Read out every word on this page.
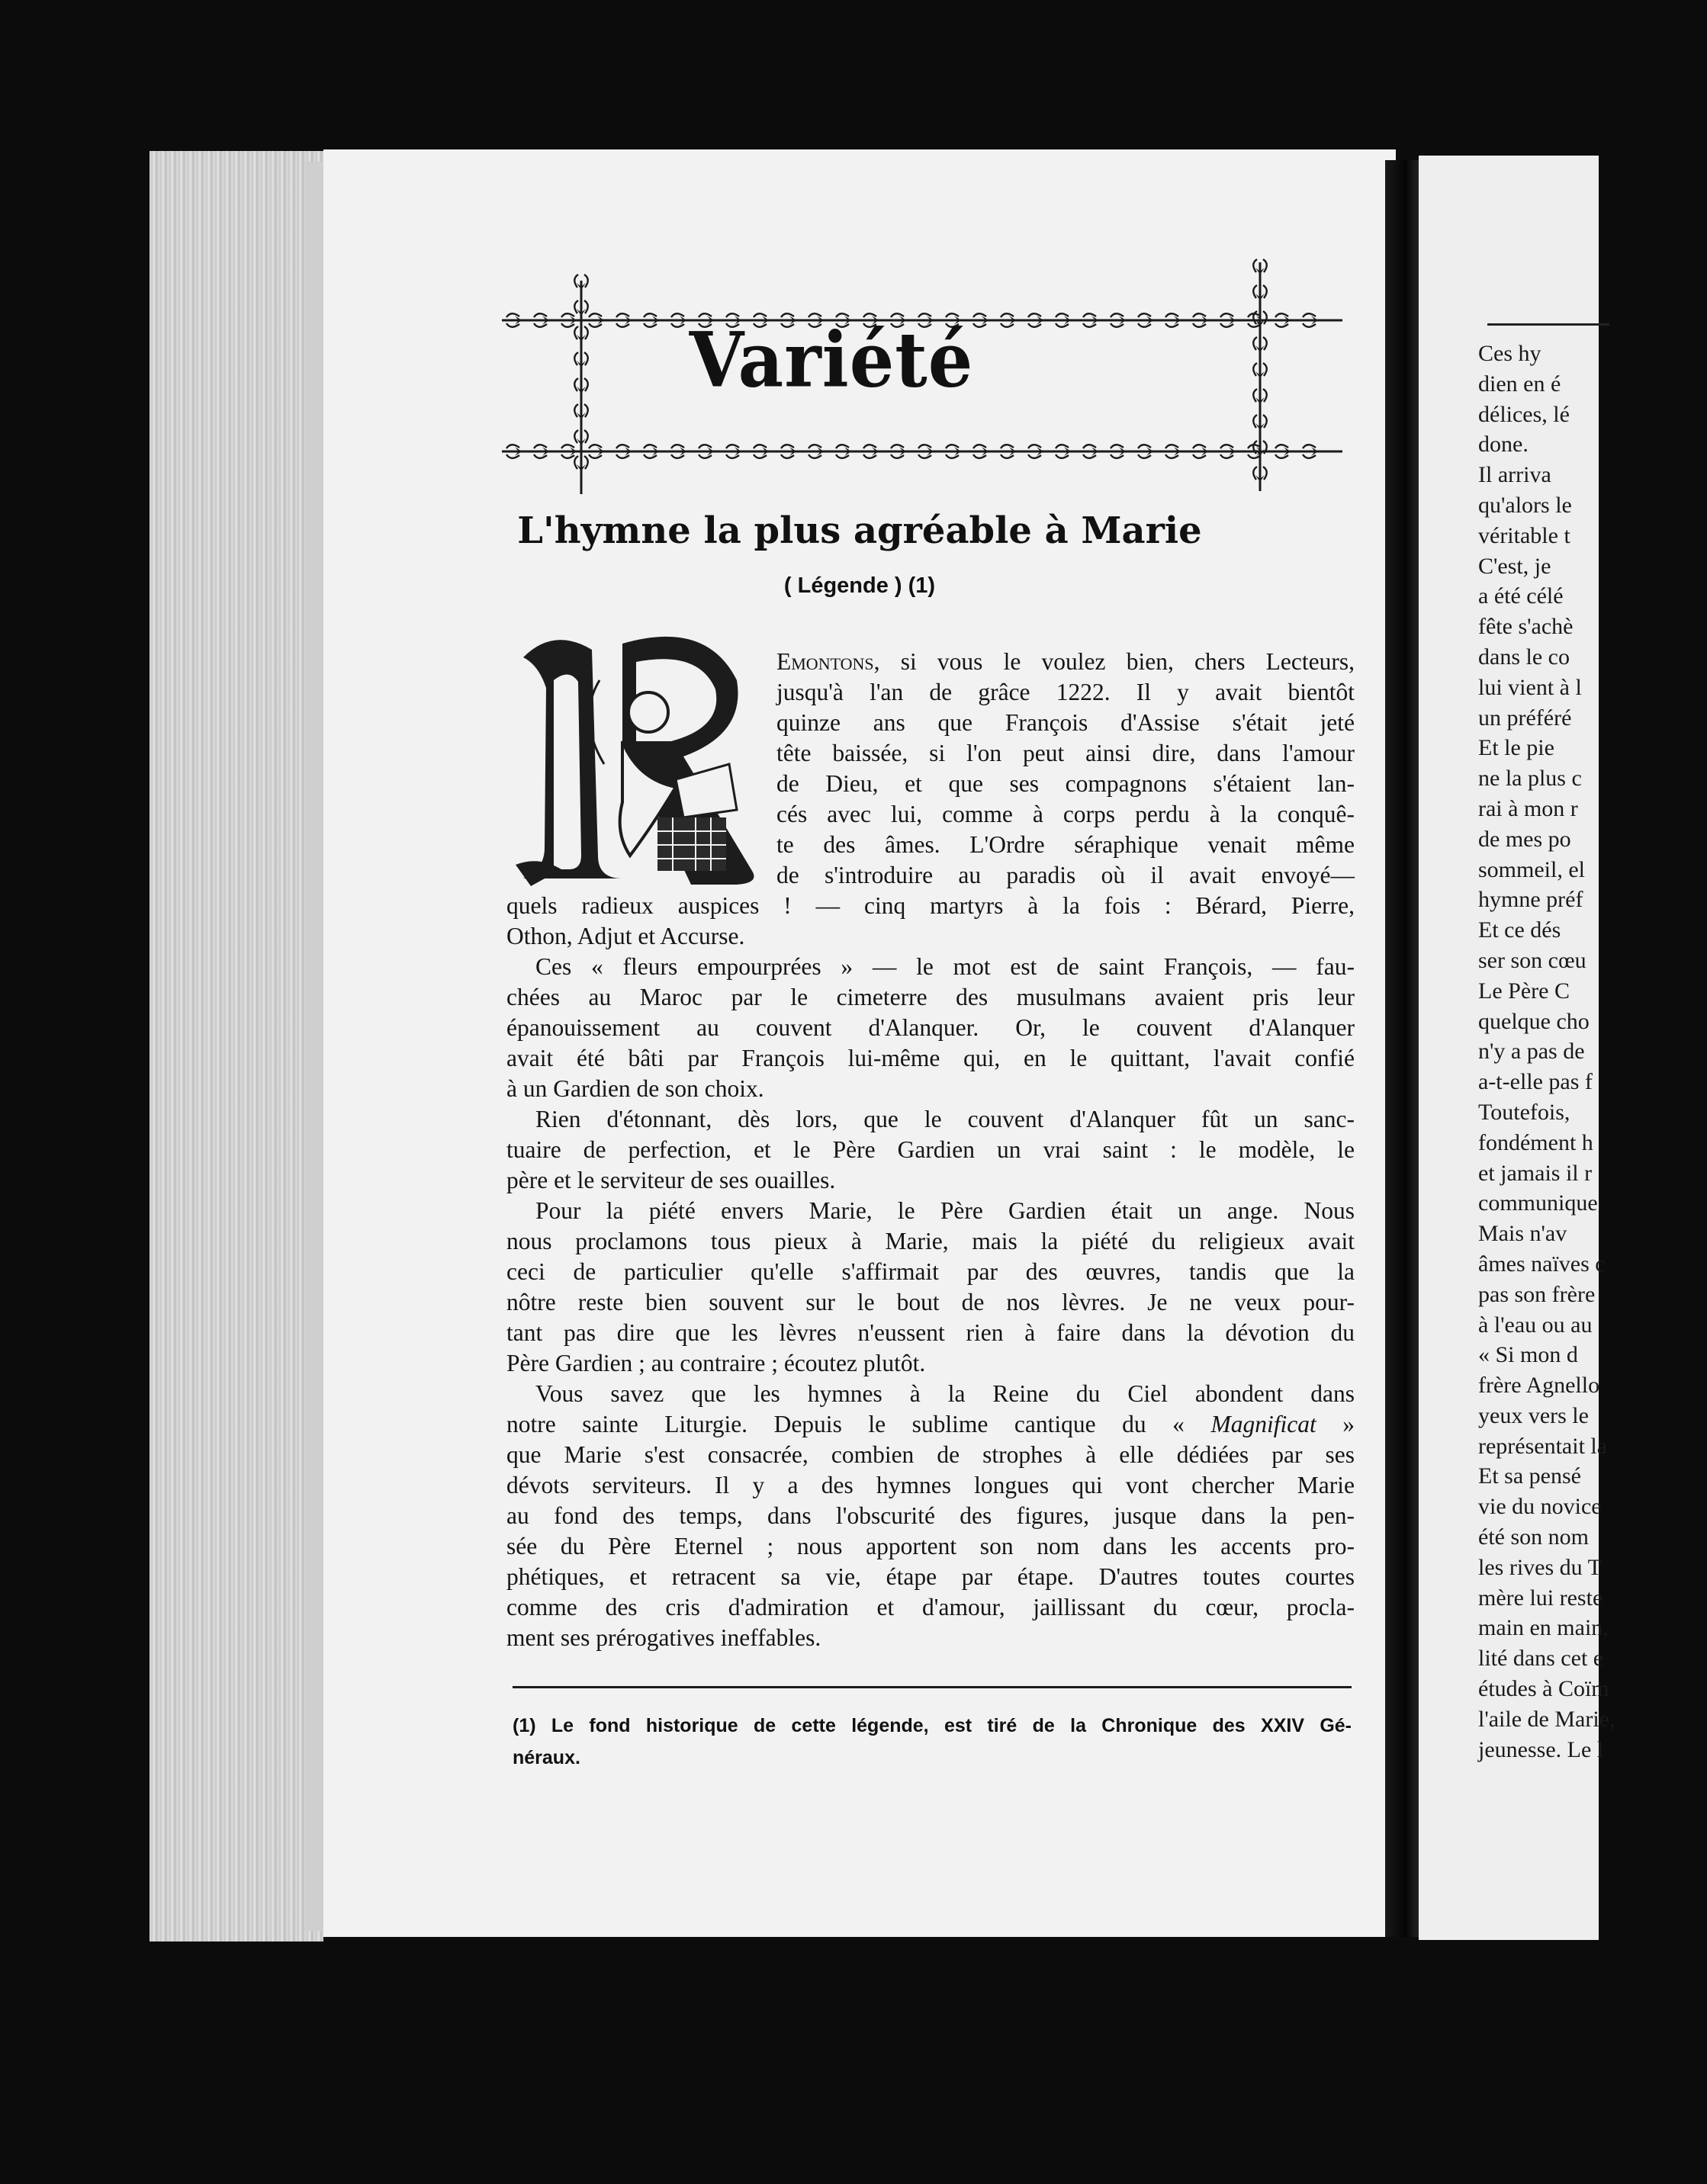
Ces hy
dien en é
délices, lé
done.
Il arriva
qu'alors le
véritable t
C'est, je
a été célé
fête s'achè
dans le co
lui vient à l
un préféré
Et le pie
ne la plus c
rai à mon r
de mes po
sommeil, el
hymne préf
Et ce dés
ser son cœu
Le Père C
quelque cho
n'y a pas de
a-t-elle pas f
Toutefois,
fondément h
et jamais il r
communique
Mais n'av
âmes naïves c
pas son frère
à l'eau ou au
« Si mon d
frère Agnello
yeux vers le
représentait la
Et sa pensé
vie du novice
été son nom
les rives du T
mère lui reste
main en main,
lité dans cet e
études à Coïm
l'aile de Marie,
jeunesse. Le l
Variété
L'hymne la plus agréable à Marie
( Légende ) (1)
Emontons, si vous le voulez bien, chers Lecteurs,
jusqu'à l'an de grâce 1222. Il y avait bientôt
quinze ans que François d'Assise s'était jeté
tête baissée, si l'on peut ainsi dire, dans l'amour
de Dieu, et que ses compagnons s'étaient lan-
cés avec lui, comme à corps perdu à la conquê-
te des âmes. L'Ordre séraphique venait même
de s'introduire au paradis où il avait envoyé—
quels radieux auspices ! — cinq martyrs à la fois : Bérard, Pierre,
Othon, Adjut et Accurse.
Ces « fleurs empourprées » — le mot est de saint François, — fau-
chées au Maroc par le cimeterre des musulmans avaient pris leur
épanouissement au couvent d'Alanquer. Or, le couvent d'Alanquer
avait été bâti par François lui-même qui, en le quittant, l'avait confié
à un Gardien de son choix.
Rien d'étonnant, dès lors, que le couvent d'Alanquer fût un sanc-
tuaire de perfection, et le Père Gardien un vrai saint : le modèle, le
père et le serviteur de ses ouailles.
Pour la piété envers Marie, le Père Gardien était un ange. Nous
nous proclamons tous pieux à Marie, mais la piété du religieux avait
ceci de particulier qu'elle s'affirmait par des œuvres, tandis que la
nôtre reste bien souvent sur le bout de nos lèvres. Je ne veux pour-
tant pas dire que les lèvres n'eussent rien à faire dans la dévotion du
Père Gardien ; au contraire ; écoutez plutôt.
Vous savez que les hymnes à la Reine du Ciel abondent dans
notre sainte Liturgie. Depuis le sublime cantique du « Magnificat »
que Marie s'est consacrée, combien de strophes à elle dédiées par ses
dévots serviteurs. Il y a des hymnes longues qui vont chercher Marie
au fond des temps, dans l'obscurité des figures, jusque dans la pen-
sée du Père Eternel ; nous apportent son nom dans les accents pro-
phétiques, et retracent sa vie, étape par étape. D'autres toutes courtes
comme des cris d'admiration et d'amour, jaillissant du cœur, procla-
ment ses prérogatives ineffables.
(1) Le fond historique de cette légende, est tiré de la Chronique des XXIV Gé-
néraux.
